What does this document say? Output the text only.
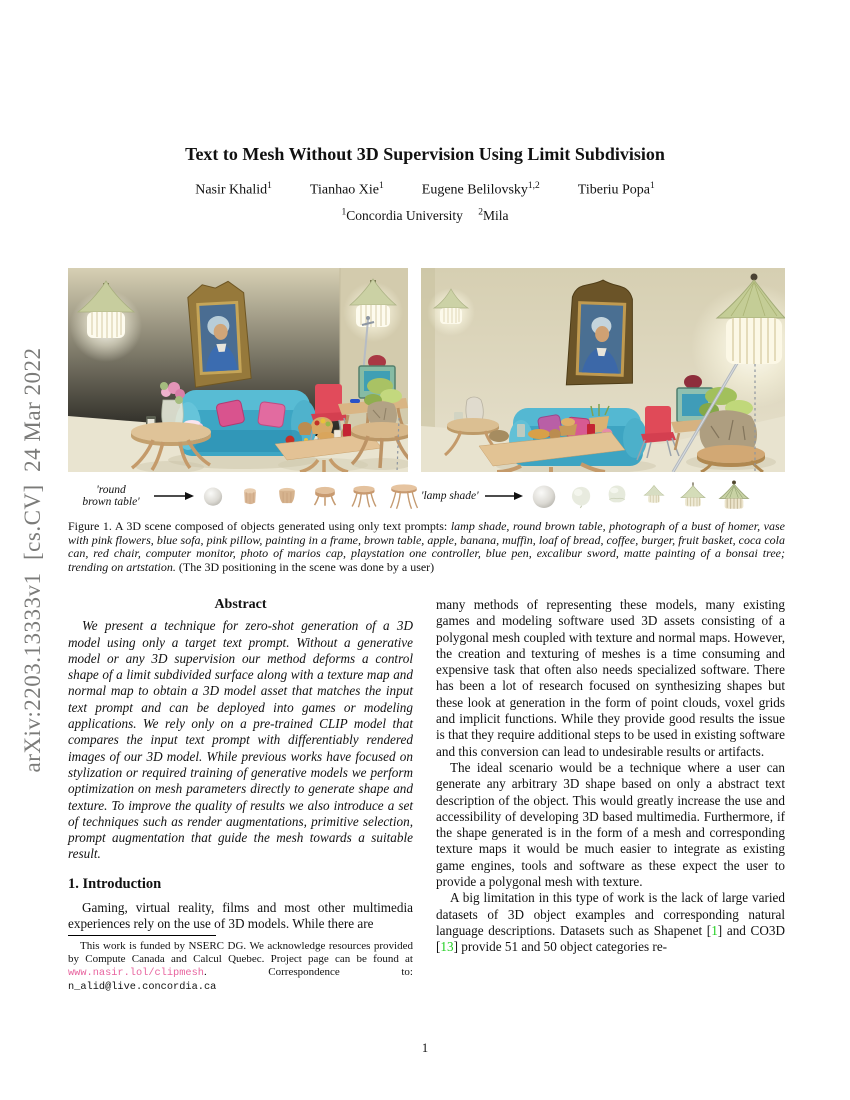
arXiv:2203.13333v1  [cs.CV]  24 Mar 2022
Text to Mesh Without 3D Supervision Using Limit Subdivision
Nasir Khalid$^1$	Tianhao Xie$^1$	Eugene Belilovsky$^{1,2}$	Tiberiu Popa$^1$
$^1$Concordia University $^2$Mila
'round
brown table'
'lamp shade'
Figure 1. A 3D scene composed of objects generated using only text prompts: lamp shade, round brown table, photograph of a bust of homer, vase with pink flowers, blue sofa, pink pillow, painting in a frame, brown table, apple, banana, muffin, loaf of bread, coffee, burger, fruit basket, coca cola can, red chair, computer monitor, photo of marios cap, playstation one controller, blue pen, excalibur sword, matte painting of a bonsai tree; trending on artstation. (The 3D positioning in the scene was done by a user)
Abstract
We present a technique for zero-shot generation of a 3D model using only a target text prompt. Without a generative model or any 3D supervision our method deforms a control shape of a limit subdivided surface along with a texture map and normal map to obtain a 3D model asset that matches the input text prompt and can be deployed into games or modeling applications. We rely only on a pre-trained CLIP model that compares the input text prompt with differentiably rendered images of our 3D model. While previous works have focused on stylization or required training of generative models we perform optimization on mesh parameters directly to generate shape and texture. To improve the quality of results we also introduce a set of techniques such as render augmentations, primitive selection, prompt augmentation that guide the mesh towards a suitable result.
1. Introduction
Gaming, virtual reality, films and most other multimedia experiences rely on the use of 3D models. While there are
This work is funded by NSERC DG. We acknowledge resources provided by Compute Canada and Calcul Quebec. Project page can be found at www.nasir.lol/clipmesh. Correspondence to: n_alid@live.concordia.ca
many methods of representing these models, many existing games and modeling software used 3D assets consisting of a polygonal mesh coupled with texture and normal maps. However, the creation and texturing of meshes is a time consuming and expensive task that often also needs specialized software. There has been a lot of research focused on synthesizing shapes but these look at generation in the form of point clouds, voxel grids and implicit functions. While they provide good results the issue is that they require additional steps to be used in existing software and this conversion can lead to undesirable results or artifacts.
The ideal scenario would be a technique where a user can generate any arbitrary 3D shape based on only a abstract text description of the object. This would greatly increase the use and accessibility of developing 3D based multimedia. Furthermore, if the shape generated is in the form of a mesh and corresponding texture maps it would be much easier to integrate as existing game engines, tools and software as these expect the user to provide a polygonal mesh with texture.
A big limitation in this type of work is the lack of large varied datasets of 3D object examples and corresponding natural language descriptions. Datasets such as Shapenet [1] and CO3D [13] provide 51 and 50 object categories re-
1
